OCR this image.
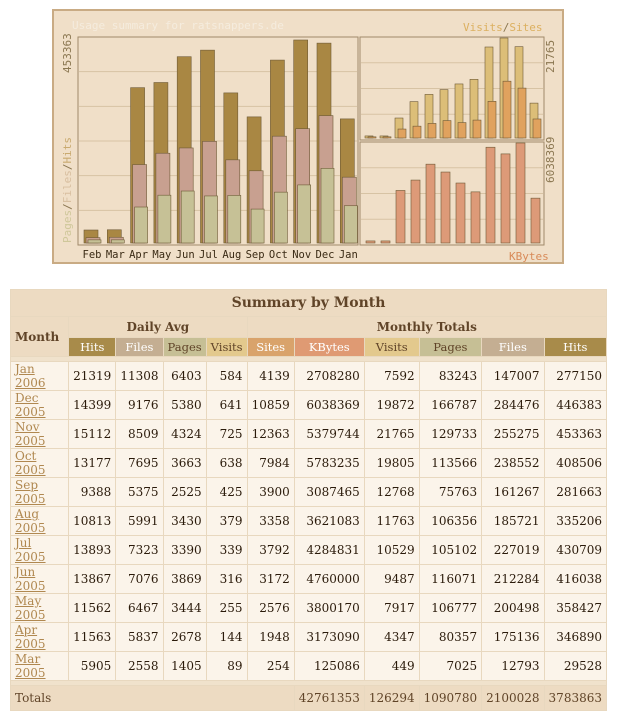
Usage summary for ratsnappers.de	Visits/Sites
KBytes
Pages/Files/Hits
453363	21765
6038369
Feb Mar Apr May Jun Jul Aug Sep Oct Nov Dec Jan
Summary by Month										
Month	Daily Avg				Monthly Totals					
	Hits	Files	Pages	Visits	Sites	KBytes	Visits	Pages	Files	Hits

Jan 2006	21319	11308	6403	584	4139	2708280	7592	83243	147007	277150
Dec 2005	14399	9176	5380	641	10859	6038369	19872	166787	284476	446383
Nov 2005	15112	8509	4324	725	12363	5379744	21765	129733	255275	453363
Oct 2005	13177	7695	3663	638	7984	5783235	19805	113566	238552	408506
Sep 2005	9388	5375	2525	425	3900	3087465	12768	75763	161267	281663
Aug 2005	10813	5991	3430	379	3358	3621083	11763	106356	185721	335206
Jul 2005	13893	7323	3390	339	3792	4284831	10529	105102	227019	430709
Jun 2005	13867	7076	3869	316	3172	4760000	9487	116071	212284	416038
May 2005	11562	6467	3444	255	2576	3800170	7917	106777	200498	358427
Apr 2005	11563	5837	2678	144	1948	3173090	4347	80357	175136	346890
Mar 2005	5905	2558	1405	89	254	125086	449	7025	12793	29528

Totals						42761353	126294	1090780	2100028	3783863
